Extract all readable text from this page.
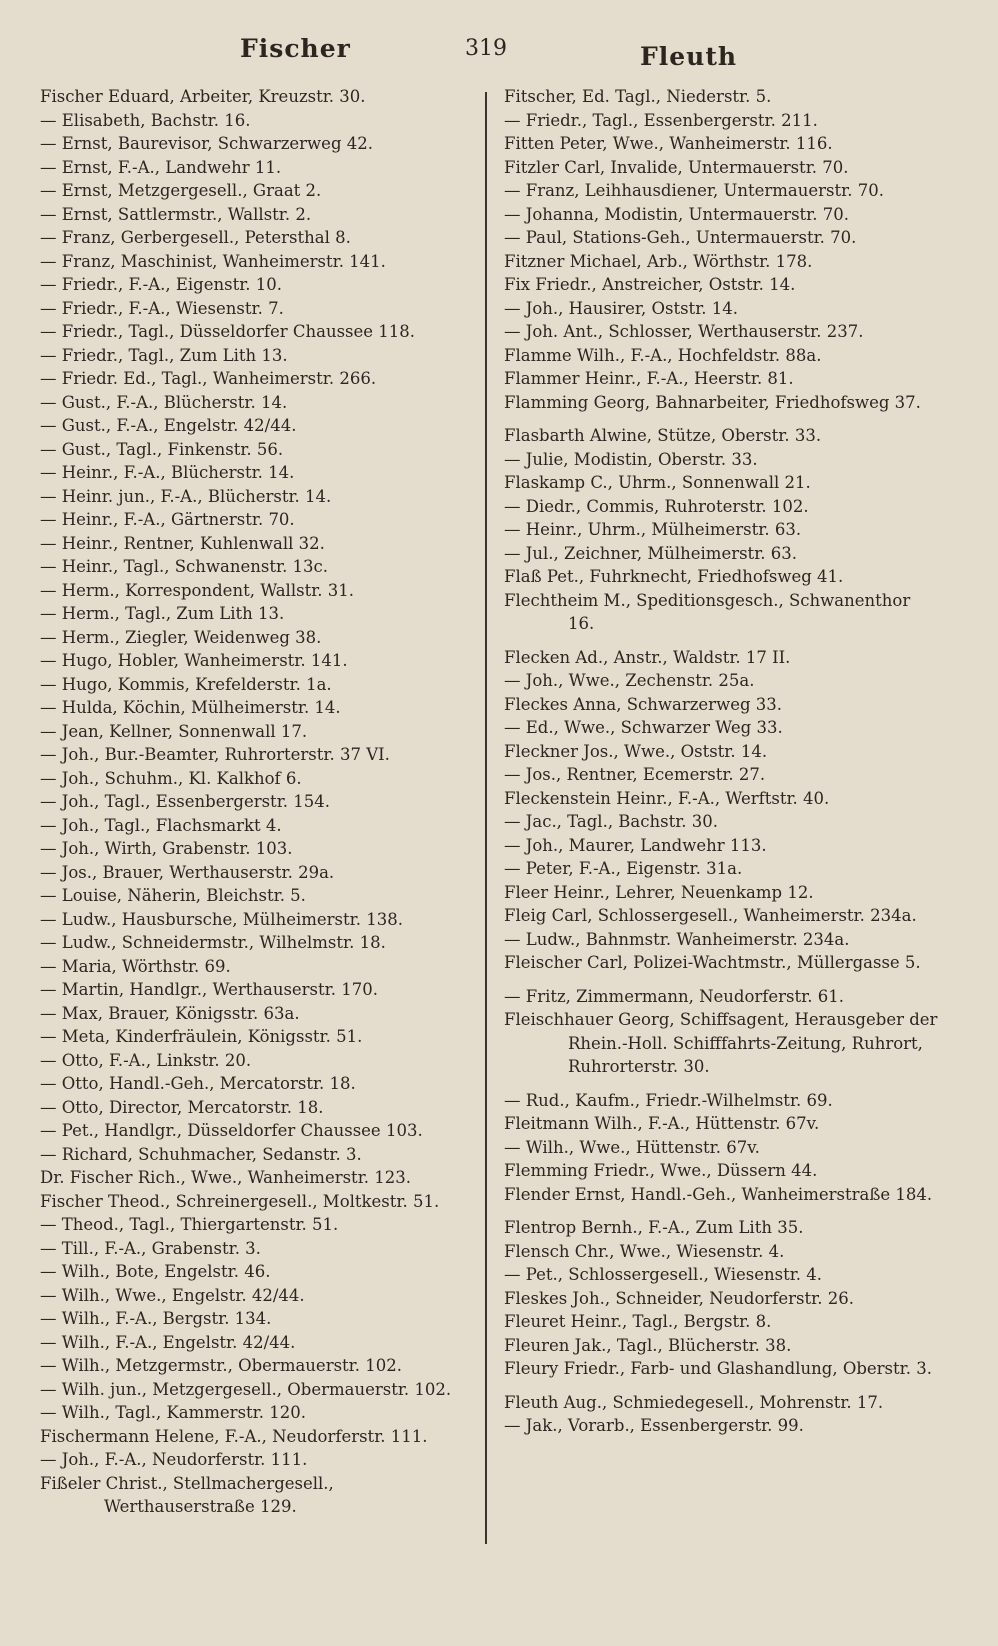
Fischer	319	Fleuth
Fischer Eduard, Arbeiter, Kreuzstr. 30.
— Elisabeth, Bachstr. 16.
— Ernst, Baurevisor, Schwarzerweg 42.
— Ernst, F.-A., Landwehr 11.
— Ernst, Metzgergesell., Graat 2.
— Ernst, Sattlermstr., Wallstr. 2.
— Franz, Gerbergesell., Petersthal 8.
— Franz, Maschinist, Wanheimerstr. 141.
— Friedr., F.-A., Eigenstr. 10.
— Friedr., F.-A., Wiesenstr. 7.
— Friedr., Tagl., Düsseldorfer Chaussee 118.
— Friedr., Tagl., Zum Lith 13.
— Friedr. Ed., Tagl., Wanheimerstr. 266.
— Gust., F.-A., Blücherstr. 14.
— Gust., F.-A., Engelstr. 42/44.
— Gust., Tagl., Finkenstr. 56.
— Heinr., F.-A., Blücherstr. 14.
— Heinr. jun., F.-A., Blücherstr. 14.
— Heinr., F.-A., Gärtnerstr. 70.
— Heinr., Rentner, Kuhlenwall 32.
— Heinr., Tagl., Schwanenstr. 13c.
— Herm., Korrespondent, Wallstr. 31.
— Herm., Tagl., Zum Lith 13.
— Herm., Ziegler, Weidenweg 38.
— Hugo, Hobler, Wanheimerstr. 141.
— Hugo, Kommis, Krefelderstr. 1a.
— Hulda, Köchin, Mülheimerstr. 14.
— Jean, Kellner, Sonnenwall 17.
— Joh., Bur.-Beamter, Ruhrorterstr. 37 VI.
— Joh., Schuhm., Kl. Kalkhof 6.
— Joh., Tagl., Essenbergerstr. 154.
— Joh., Tagl., Flachsmarkt 4.
— Joh., Wirth, Grabenstr. 103.
— Jos., Brauer, Werthauserstr. 29a.
— Louise, Näherin, Bleichstr. 5.
— Ludw., Hausbursche, Mülheimerstr. 138.
— Ludw., Schneidermstr., Wilhelmstr. 18.
— Maria, Wörthstr. 69.
— Martin, Handlgr., Werthauserstr. 170.
— Max, Brauer, Königsstr. 63a.
— Meta, Kinderfräulein, Königsstr. 51.
— Otto, F.-A., Linkstr. 20.
— Otto, Handl.-Geh., Mercatorstr. 18.
— Otto, Director, Mercatorstr. 18.
— Pet., Handlgr., Düsseldorfer Chaussee 103.
— Richard, Schuhmacher, Sedanstr. 3.
Dr. Fischer Rich., Wwe., Wanheimerstr. 123.
Fischer Theod., Schreinergesell., Moltkestr. 51.
— Theod., Tagl., Thiergartenstr. 51.
— Till., F.-A., Grabenstr. 3.
— Wilh., Bote, Engelstr. 46.
— Wilh., Wwe., Engelstr. 42/44.
— Wilh., F.-A., Bergstr. 134.
— Wilh., F.-A., Engelstr. 42/44.
— Wilh., Metzgermstr., Obermauerstr. 102.
— Wilh. jun., Metzgergesell., Obermauerstr. 102.
— Wilh., Tagl., Kammerstr. 120.
Fischermann Helene, F.-A., Neudorferstr. 111.
— Joh., F.-A., Neudorferstr. 111.
Fißeler Christ., Stellmachergesell., Werthauserstraße 129.
Fitscher, Ed. Tagl., Niederstr. 5.
— Friedr., Tagl., Essenbergerstr. 211.
Fitten Peter, Wwe., Wanheimerstr. 116.
Fitzler Carl, Invalide, Untermauerstr. 70.
— Franz, Leihhausdiener, Untermauerstr. 70.
— Johanna, Modistin, Untermauerstr. 70.
— Paul, Stations-Geh., Untermauerstr. 70.
Fitzner Michael, Arb., Wörthstr. 178.
Fix Friedr., Anstreicher, Oststr. 14.
— Joh., Hausirer, Oststr. 14.
— Joh. Ant., Schlosser, Werthauserstr. 237.
Flamme Wilh., F.-A., Hochfeldstr. 88a.
Flammer Heinr., F.-A., Heerstr. 81.
Flamming Georg, Bahnarbeiter, Friedhofsweg 37.
Flasbarth Alwine, Stütze, Oberstr. 33.
— Julie, Modistin, Oberstr. 33.
Flaskamp C., Uhrm., Sonnenwall 21.
— Diedr., Commis, Ruhroterstr. 102.
— Heinr., Uhrm., Mülheimerstr. 63.
— Jul., Zeichner, Mülheimerstr. 63.
Flaß Pet., Fuhrknecht, Friedhofsweg 41.
Flechtheim M., Speditionsgesch., Schwanenthor 16.
Flecken Ad., Anstr., Waldstr. 17 II.
— Joh., Wwe., Zechenstr. 25a.
Fleckes Anna, Schwarzerweg 33.
— Ed., Wwe., Schwarzer Weg 33.
Fleckner Jos., Wwe., Oststr. 14.
— Jos., Rentner, Ecemerstr. 27.
Fleckenstein Heinr., F.-A., Werftstr. 40.
— Jac., Tagl., Bachstr. 30.
— Joh., Maurer, Landwehr 113.
— Peter, F.-A., Eigenstr. 31a.
Fleer Heinr., Lehrer, Neuenkamp 12.
Fleig Carl, Schlossergesell., Wanheimerstr. 234a.
— Ludw., Bahnmstr. Wanheimerstr. 234a.
Fleischer Carl, Polizei-Wachtmstr., Müllergasse 5.
— Fritz, Zimmermann, Neudorferstr. 61.
Fleischhauer Georg, Schiffsagent, Herausgeber der Rhein.-Holl. Schifffahrts-Zeitung, Ruhrort, Ruhrorterstr. 30.
— Rud., Kaufm., Friedr.-Wilhelmstr. 69.
Fleitmann Wilh., F.-A., Hüttenstr. 67v.
— Wilh., Wwe., Hüttenstr. 67v.
Flemming Friedr., Wwe., Düssern 44.
Flender Ernst, Handl.-Geh., Wanheimerstraße 184.
Flentrop Bernh., F.-A., Zum Lith 35.
Flensch Chr., Wwe., Wiesenstr. 4.
— Pet., Schlossergesell., Wiesenstr. 4.
Fleskes Joh., Schneider, Neudorferstr. 26.
Fleuret Heinr., Tagl., Bergstr. 8.
Fleuren Jak., Tagl., Blücherstr. 38.
Fleury Friedr., Farb- und Glashandlung, Oberstr. 3.
Fleuth Aug., Schmiedegesell., Mohrenstr. 17.
— Jak., Vorarb., Essenbergerstr. 99.
